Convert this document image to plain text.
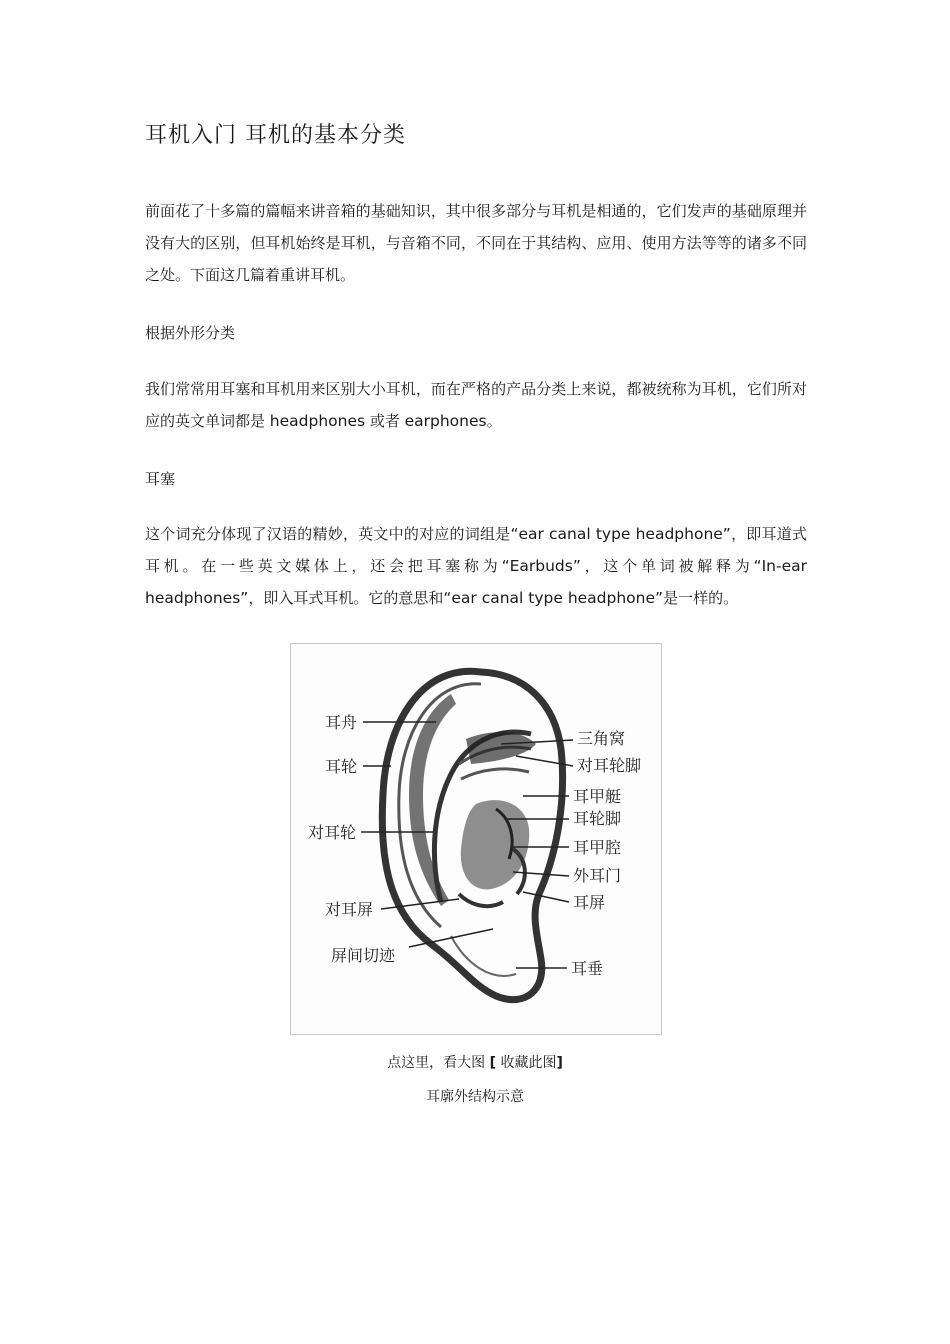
耳机入门 耳机的基本分类

前面花了十多篇的篇幅来讲音箱的基础知识，其中很多部分与耳机是相通的，它们发声的基础原理并没有大的区别，但耳机始终是耳机，与音箱不同，不同在于其结构、应用、使用方法等等的诸多不同之处。下面这几篇着重讲耳机。

根据外形分类

我们常常用耳塞和耳机用来区别大小耳机，而在严格的产品分类上来说，都被统称为耳机，它们所对应的英文单词都是 headphones 或者 earphones。

耳塞

这个词充分体现了汉语的精妙，英文中的对应的词组是“ear canal type headphone”，即耳道式耳机。在一些英文媒体上，还会把耳塞称为“Earbuds”，这个单词被解释为“In-ear headphones”，即入耳式耳机。它的意思和“ear canal type headphone”是一样的。

耳舟
耳轮
对耳轮
对耳屏
屏间切迹
三角窝
对耳轮脚
耳甲艇
耳轮脚
耳甲腔
外耳门
耳屏
耳垂
点这里，看大图 [ 收藏此图]
耳廓外结构示意
